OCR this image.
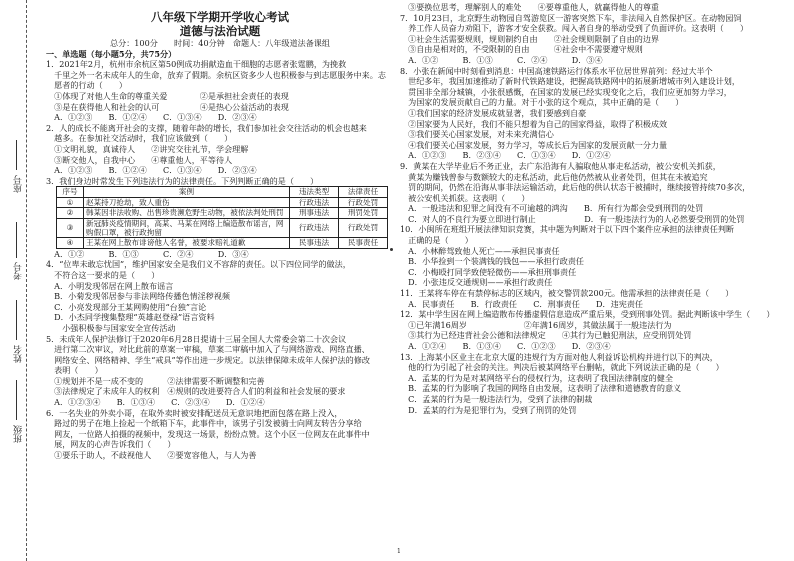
座号
考号
姓名
班级
八年级下学期开学收心考试
道德与法治试题
总分：100分　　时间：40分钟　命题人：八年级道法备课组
一、单选题（每小题5分，共75分）
1．2021年2月，杭州市余杭区第50例成功捐献造血干细胞的志愿者张霆鹏，为挽救
　千里之外一名未成年人的生命，放弃了假期。余杭区资多少人也积极参与到志愿服务中来。志
　愿者的行动（　　）
　①体现了对他人生命的尊重关爱　　　　②是承担社会责任的表现
　③是在获得他人和社会的认可　　　　　④是热心公益活动的表现
　A．①②③　　B．①②④　　C．①③④　　D．②③④
2．人的成长不能离开社会的支撑，随着年龄的增长，我们参加社会交往活动的机会也越来
　越多。在参加社交活动时，我们应该做到（　　）
　①文明礼貌，真诚待人　　②讲究交往礼节，学会理解
　③断交他人，自我中心　　④尊重他人，平等待人
　A．①②③　　B．①②④　　C．①③④　　D．②③④
3．我们身边时常发生下列违法行为的法律责任。下列判断正确的是（　　）
序号	案例	违法类型	法律责任
①	赵某持刀抢劫，致人重伤	行政违法	行政处罚
②	韩某因非法收购、出售珍贵濒危野生动物，被依法判处刑罚	刑事违法	刑罚处罚
③	新冠肺炎疫情期间，高某、马某在网络上编造散布谣言，网购假口罩，被行政拘留	行政违法	行政处罚
④	王某在网上散布诽谤他人名誉，被要求赔礼道歉	民事违法	民事责任
　A．①②　　　B．①③　　　C．②④　　　D．③④
4．“位卑未敢忘忧国”，维护国家安全是我们义不容辞的责任。以下四位同学的做法，
　不符合这一要求的是（　　）
　A．小明发现邻居在网上散布谣言
　B．小菊发现邻居参与非法网络传播色情淫秽视频
　C．小亮发现部分王某网购使用“台独”言论
　D．小杰同学搜集整理“英雄赵登禄”语言资料
　　小强积极参与国家安全宣传活动
5．未成年人保护法修订于2020年6月28日提请十三届全国人大常委会第二十次会议
　进行第二次审议，对比此前的草案一审稿，草案二审稿中加入了与网络游戏、网络直播、
　网络安全、网络精神、学生“戒具”等作出进一步规定。以法律保障未成年人保护法的修改
　表明（　　）
　①规划并不是一成不变的　　　②法律需要不断调整和完善
　③法律规定了未成年人的权利　④规则的改进要符合人们的利益和社会发展的要求
　A．①②③④　　B．①③④　　C．②③④　　D．①②④
6．一名失业的外卖小哥，在取外卖时被安排配送员无意识地把面包落在路上没入，
　路过的男子在地上捡起一个纸箱下车，此事件中，该男子引发被骑士向网友转告分享给
　网友，一位路人拍摄的视频中，发现这一场景，纷纷点赞。这个小区一位网友在此事件中
　展，网友的心声告诉我们（　　）
　①要乐于助人，不歧视他人　　②要宽容他人，与人为善
　③要换位思考，理解别人的难处　　④要尊重他人，就赢得他人的尊重
7．10月23日，北京野生动物园自驾游览区一游客突然下车，非法闯入自然保护区。在动物园饲
　养工作人员奋力劝阻下，游客才安全获救。闯入者自身的举动受到了负面评价。这表明（　　）
　①社会生活需要规则，规则制约自由　　②社会规则限制了自由的边界
　③自由是相对的，不受限制的自由　　　④社会中不需要遵守规则
　A．①②　　　B．①③　　　C．②④　　　D．③④
8．小张在新闻中时刻看到消息：中国高速铁路运行体系水平位居世界前列：经过大半个
　世纪多年，我国加速推动了新时代铁路建设，把握高铁路网中的拓展新增城市列入建设计划，
　贯国非全部分城镇，小张很感慨，在国家的发展已经实现变化之后，我们应更加努力学习，
　为国家的发展贡献自己的力量。对于小张的这个观点，其中正确的是（　　）
　①我们国家的经济发展成就显著，我们要感到自豪
　②国家要为人民好，我们不能只想着为自己的国家得益，取得了积极成效
　③我们要关心国家发展，对未来充满信心
　④我们要关心国家发展，努力学习，等成长后为国家的发展贡献一分力量
　A．①②③　　B．②③④　　C．①③④　　D．①②④
9．黄某在大学毕业后不务正业，去广东沿海有人骗取他从事走私活动，被公安机关抓获，
　黄某为赚钱曾参与数额较大的走私活动，此后他仍然被从业者处罚，但其在未被追究
　罚的期间，仍然在沿海从事非法运输活动，此后他的供认状态于被捕时，继续接管持续70多次，
　被公安机关抓获。这表明（　　）
　A．一般违法和犯罪之间没有不可逾越的鸿沟　　B．所有行为都会受到刑罚的处罚
　C．对人的不良行为要立即进行制止　　　　　　D．有一般违法行为的人必然要受刑罚的处罚
10．小闽所在班组开展法律知识竞赛，其中题为判断对于以下四个案件应承担的法律责任判断
　正确的是（　　）
　A．小林醉驾致他人死亡——承担民事责任
　B．小华捡到一个装满钱的钱包——承担行政责任
　C．小梅殴打同学致使轻微伤——承担刑事责任
　D．小张违反交通规则——承担行政责任
11．王某将车停在有禁停标志的区域内，被交警罚款200元。他需承担的法律责任是（　　）
　A．民事责任　　B．行政责任　　C．刑事责任　　D．违宪责任
12．某中学生因在网上编造散布传播虚假信息造成严重后果，受到刑事处罚。据此判断该中学生（　　）
　①已年满16周岁　　　　　　　②年满16周岁，其做法属于一般违法行为
　③其行为已经违背社会公德和法律规定　　④其行为已触犯刑法，应受刑罚处罚
　A．①②④　　B．①③④　　C．①②③　　D．②③④
13．上海某小区业主在北京大厦的违规行为方面对他人利益诉讼机构并进行以下的判决，
　他的行为引起了社会的关注。判决后被某网络平台删帖，就此下列说法正确的是（　　）
　A．孟某的行为是对某网络平台的侵权行为，这表明了我国法律制度的健全
　B．孟某的行为影响了我国的网络自由发展，这表明了法律和道德教育的意义
　C．孟某的行为是一般违法行为，受到了法律的制裁
　D．孟某的行为是犯罪行为，受到了刑罚的处罚
1
